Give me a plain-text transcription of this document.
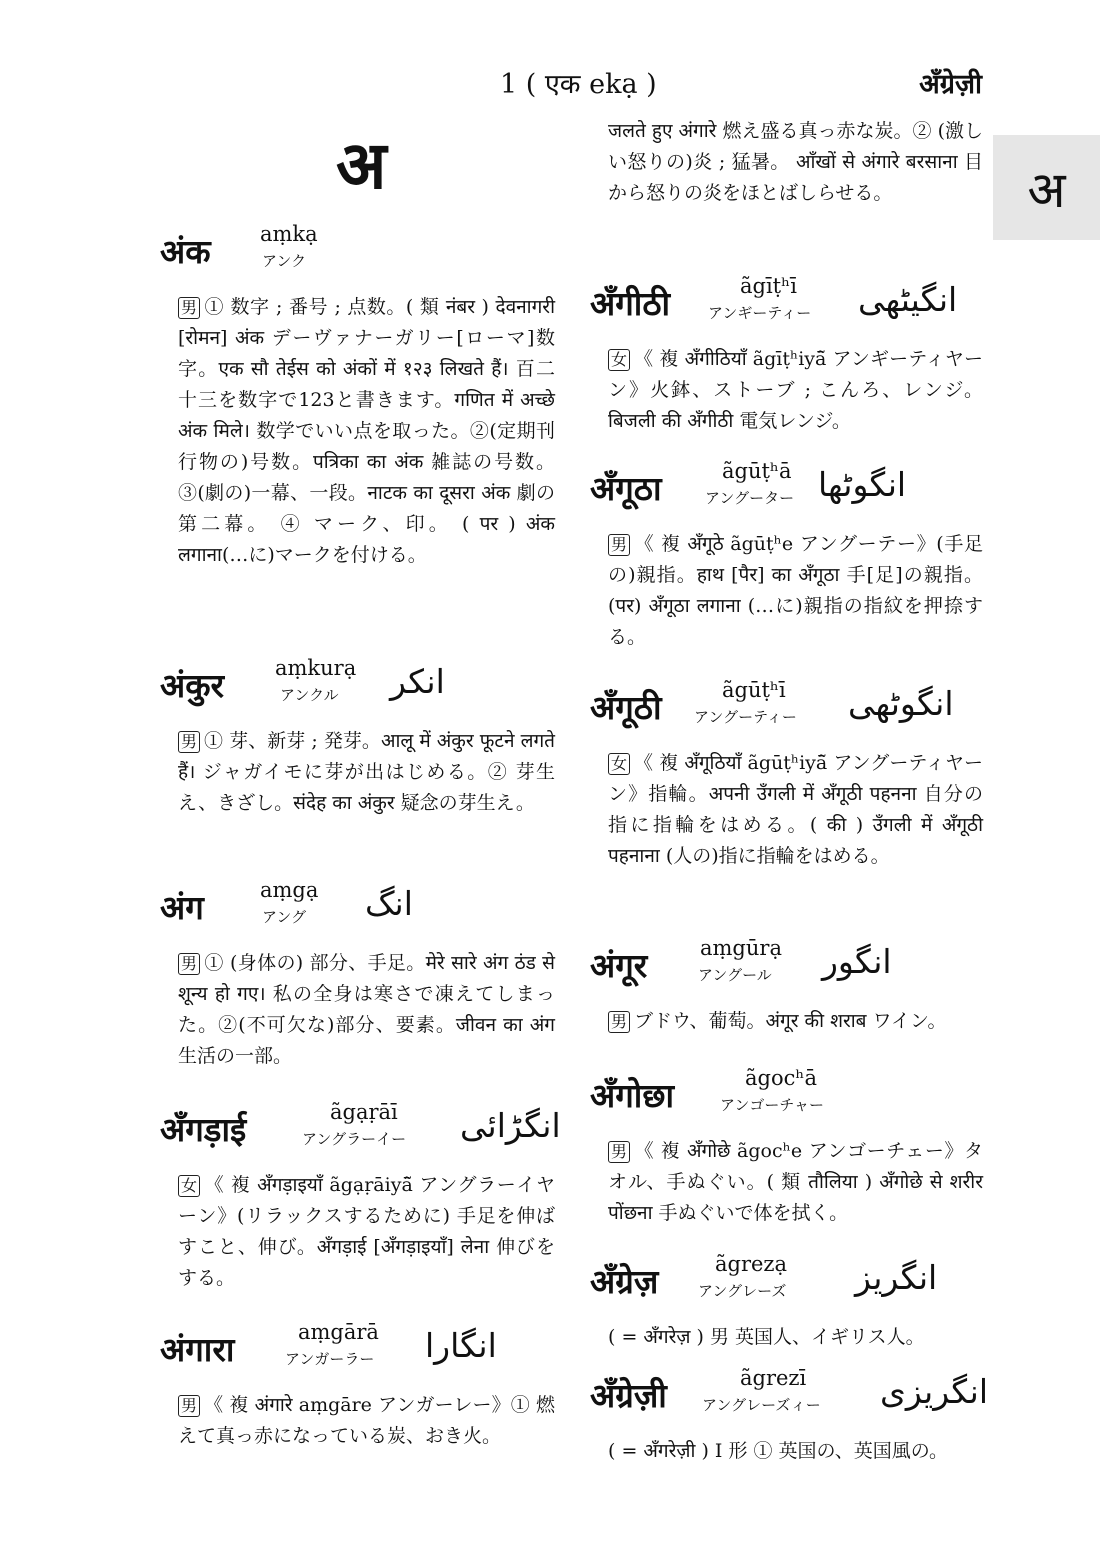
1 ( एक ekạ )	अँग्रेज़ी
अ
अ
अंक aṃkạ
アンク
男 ① 数字 ; 番号 ; 点数。( 類 नंबर ) देवनागरी [रोमन] अंक デーヴァナーガリー[ローマ]数字。एक सौ तेईस को अंकों में १२३ लिखते हैं। 百二十三を数字で123と書きます。गणित में अच्छे अंक मिले। 数学でいい点を取った。②(定期刊行物の)号数。पत्रिका का अंक 雑誌の号数。③(劇の)一幕、一段。नाटक का दूसरा अंक 劇の第二幕。 ④ マーク、印。 ( पर ) अंक लगाना(…に)マークを付ける。
अंकुर aṃkurạ
アンクル انکر
男 ① 芽、新芽 ; 発芽。आलू में अंकुर फूटने लगते हैं। ジャガイモに芽が出はじめる。② 芽生え、きざし。संदेह का अंकुर 疑念の芽生え。
अंग	aṃgạ
アング انگ
男 ① (身体の) 部分、手足。मेरे सारे अंग ठंड से शून्य हो गए। 私の全身は寒さで凍えてしまった。②(不可欠な)部分、要素。जीवन का अंग 生活の一部。
अँगड़ाई	ãgạṛāī
アングラーイー انگڑائی
女 《 複 अँगड़ाइयाँ ãgạṛāiyā̃ アングラーイヤーン》(リラックスするために) 手足を伸ばすこと、伸び。अँगड़ाई [अँगड़ाइयाँ] लेना 伸びをする。
अंगारा	aṃgārā
アンガーラー انگارا
男 《 複 अंगारे aṃgāre アンガーレー》① 燃えて真っ赤になっている炭、おき火。
जलते हुए अंगारे 燃え盛る真っ赤な炭。② (激しい怒りの)炎 ; 猛暑。 आँखों से अंगारे बरसाना 目から怒りの炎をほとばしらせる。
अँगीठी	ãgīṭʰī
アンギーティー انگیٹھی
女 《 複 अँगीठियाँ ãgīṭʰiyā̃ アンギーティヤーン》火鉢、ストーブ ; こんろ、レンジ。बिजली की अँगीठी 電気レンジ。
अँगूठा	ãgūṭʰā
アングーター انگوٹھا
男 《 複 अँगूठे ãgūṭʰe アングーテー》(手足の)親指。हाथ [पैर] का अँगूठा 手[足]の親指。(पर) अँगूठा लगाना (…に)親指の指紋を押捺する。
अँगूठी	ãgūṭʰī
アングーティー انگوٹھی
女 《 複 अँगूठियाँ ãgūṭʰiyā̃ アングーティヤーン》指輪。अपनी उँगली में अँगूठी पहनना 自分の指に指輪をはめる。( की ) उँगली में अँगूठी पहनाना (人の)指に指輪をはめる。
अंगूर	aṃgūrạ
アングール انگور
男 ブドウ、葡萄。अंगूर की शराब ワイン。
अँगोछा	ãgocʰā
アンゴーチャー
男 《 複 अँगोछे ãgocʰe アンゴーチェー》タオル、手ぬぐい。( 類 तौलिया ) अँगोछे से शरीर पोंछना 手ぬぐいで体を拭く。
अँग्रेज़	ãgrezạ
アングレーズ انگریز
( = अँगरेज़ ) 男 英国人、イギリス人。
अँग्रेज़ी	ãgrezī
アングレーズィー انگریزی
( = अँगरेज़ी ) I 形 ① 英国の、英国風の。
